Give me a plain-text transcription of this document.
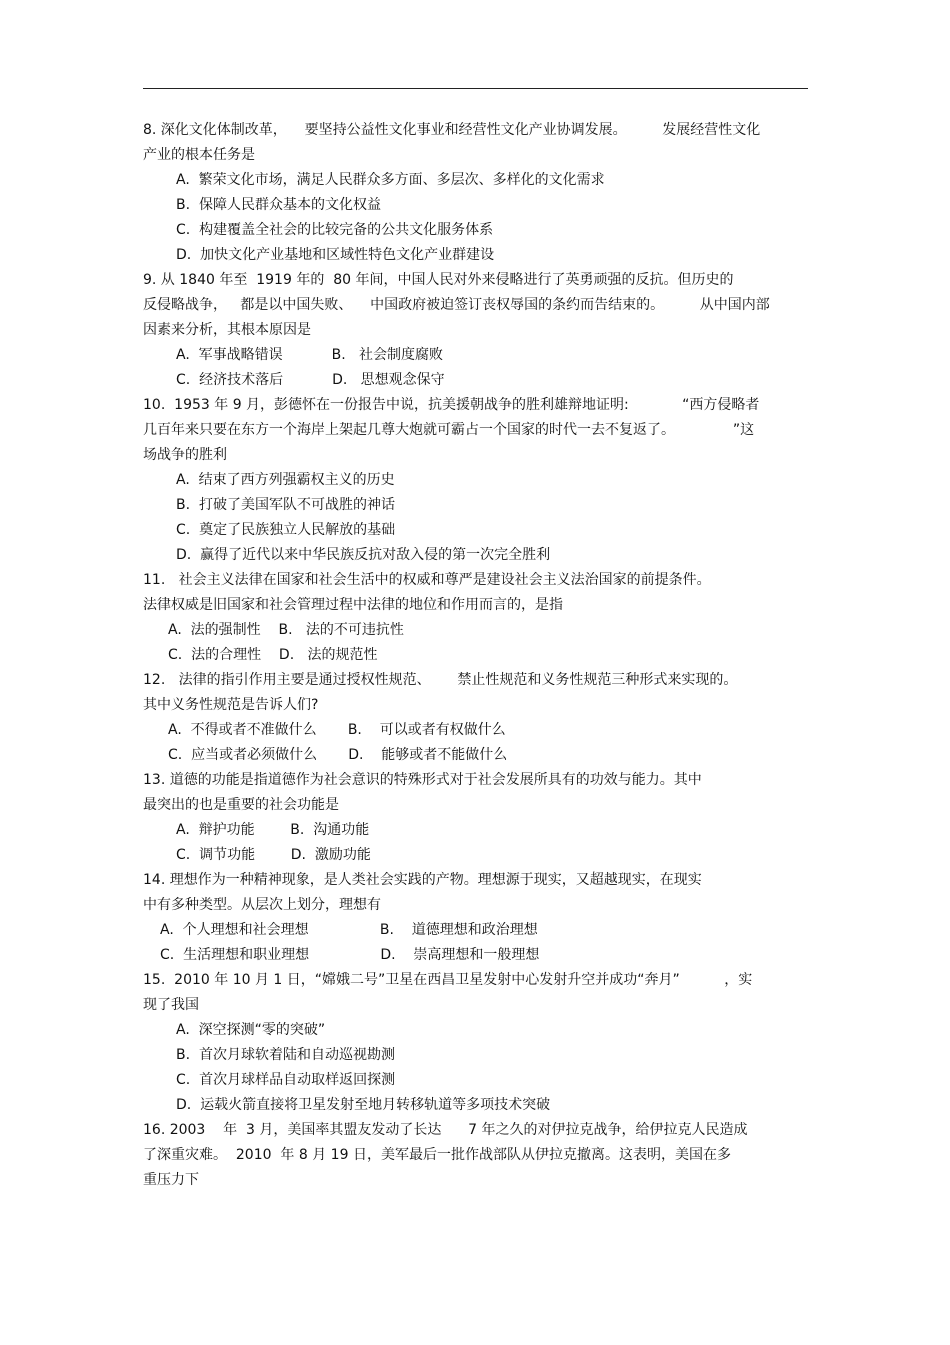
8. 深化文化体制改革，    要坚持公益性文化事业和经营性文化产业协调发展。        发展经营性文化
产业的根本任务是
A.  繁荣文化市场，满足人民群众多方面、多层次、多样化的文化需求
B.  保障人民群众基本的文化权益
C.  构建覆盖全社会的比较完备的公共文化服务体系
D.  加快文化产业基地和区域性特色文化产业群建设
9. 从 1840 年至  1919 年的  80 年间，中国人民对外来侵略进行了英勇顽强的反抗。但历史的
反侵略战争，   都是以中国失败、    中国政府被迫签订丧权辱国的条约而告结束的。        从中国内部
因素来分析，其根本原因是
A.  军事战略错误           B.   社会制度腐败
C.  经济技术落后           D.   思想观念保守
10.  1953 年 9 月，彭德怀在一份报告中说，抗美援朝战争的胜利雄辩地证明:            “西方侵略者
几百年来只要在东方一个海岸上架起几尊大炮就可霸占一个国家的时代一去不复返了。             ”这
场战争的胜利
A.  结束了西方列强霸权主义的历史
B.  打破了美国军队不可战胜的神话
C.  奠定了民族独立人民解放的基础
D.  赢得了近代以来中华民族反抗对敌入侵的第一次完全胜利
11.   社会主义法律在国家和社会生活中的权威和尊严是建设社会主义法治国家的前提条件。
法律权威是旧国家和社会管理过程中法律的地位和作用而言的，是指
A.  法的强制性    B.   法的不可违抗性
C.  法的合理性    D.   法的规范性
12.   法律的指引作用主要是通过授权性规范、      禁止性规范和义务性规范三种形式来实现的。
其中义务性规范是告诉人们?
A.  不得或者不准做什么       B.    可以或者有权做什么
C.  应当或者必须做什么       D.    能够或者不能做什么
13. 道德的功能是指道德作为社会意识的特殊形式对于社会发展所具有的功效与能力。其中
最突出的也是重要的社会功能是
A.  辩护功能        B.  沟通功能
C.  调节功能        D.  激励功能
14. 理想作为一种精神现象，是人类社会实践的产物。理想源于现实，又超越现实，在现实
中有多种类型。从层次上划分，理想有
A.  个人理想和社会理想                B.    道德理想和政治理想
C.  生活理想和职业理想                D.    崇高理想和一般理想
15.  2010 年 10 月 1 日，“嫦娥二号”卫星在西昌卫星发射中心发射升空并成功“奔月”          ，实
现了我国
A.  深空探测“零的突破”
B.  首次月球软着陆和自动巡视勘测
C.  首次月球样品自动取样返回探测
D.  运载火箭直接将卫星发射至地月转移轨道等多项技术突破
16. 2003    年  3 月，美国率其盟友发动了长达      7 年之久的对伊拉克战争，给伊拉克人民造成
了深重灾难。  2010  年 8 月 19 日，美军最后一批作战部队从伊拉克撤离。这表明，美国在多
重压力下
